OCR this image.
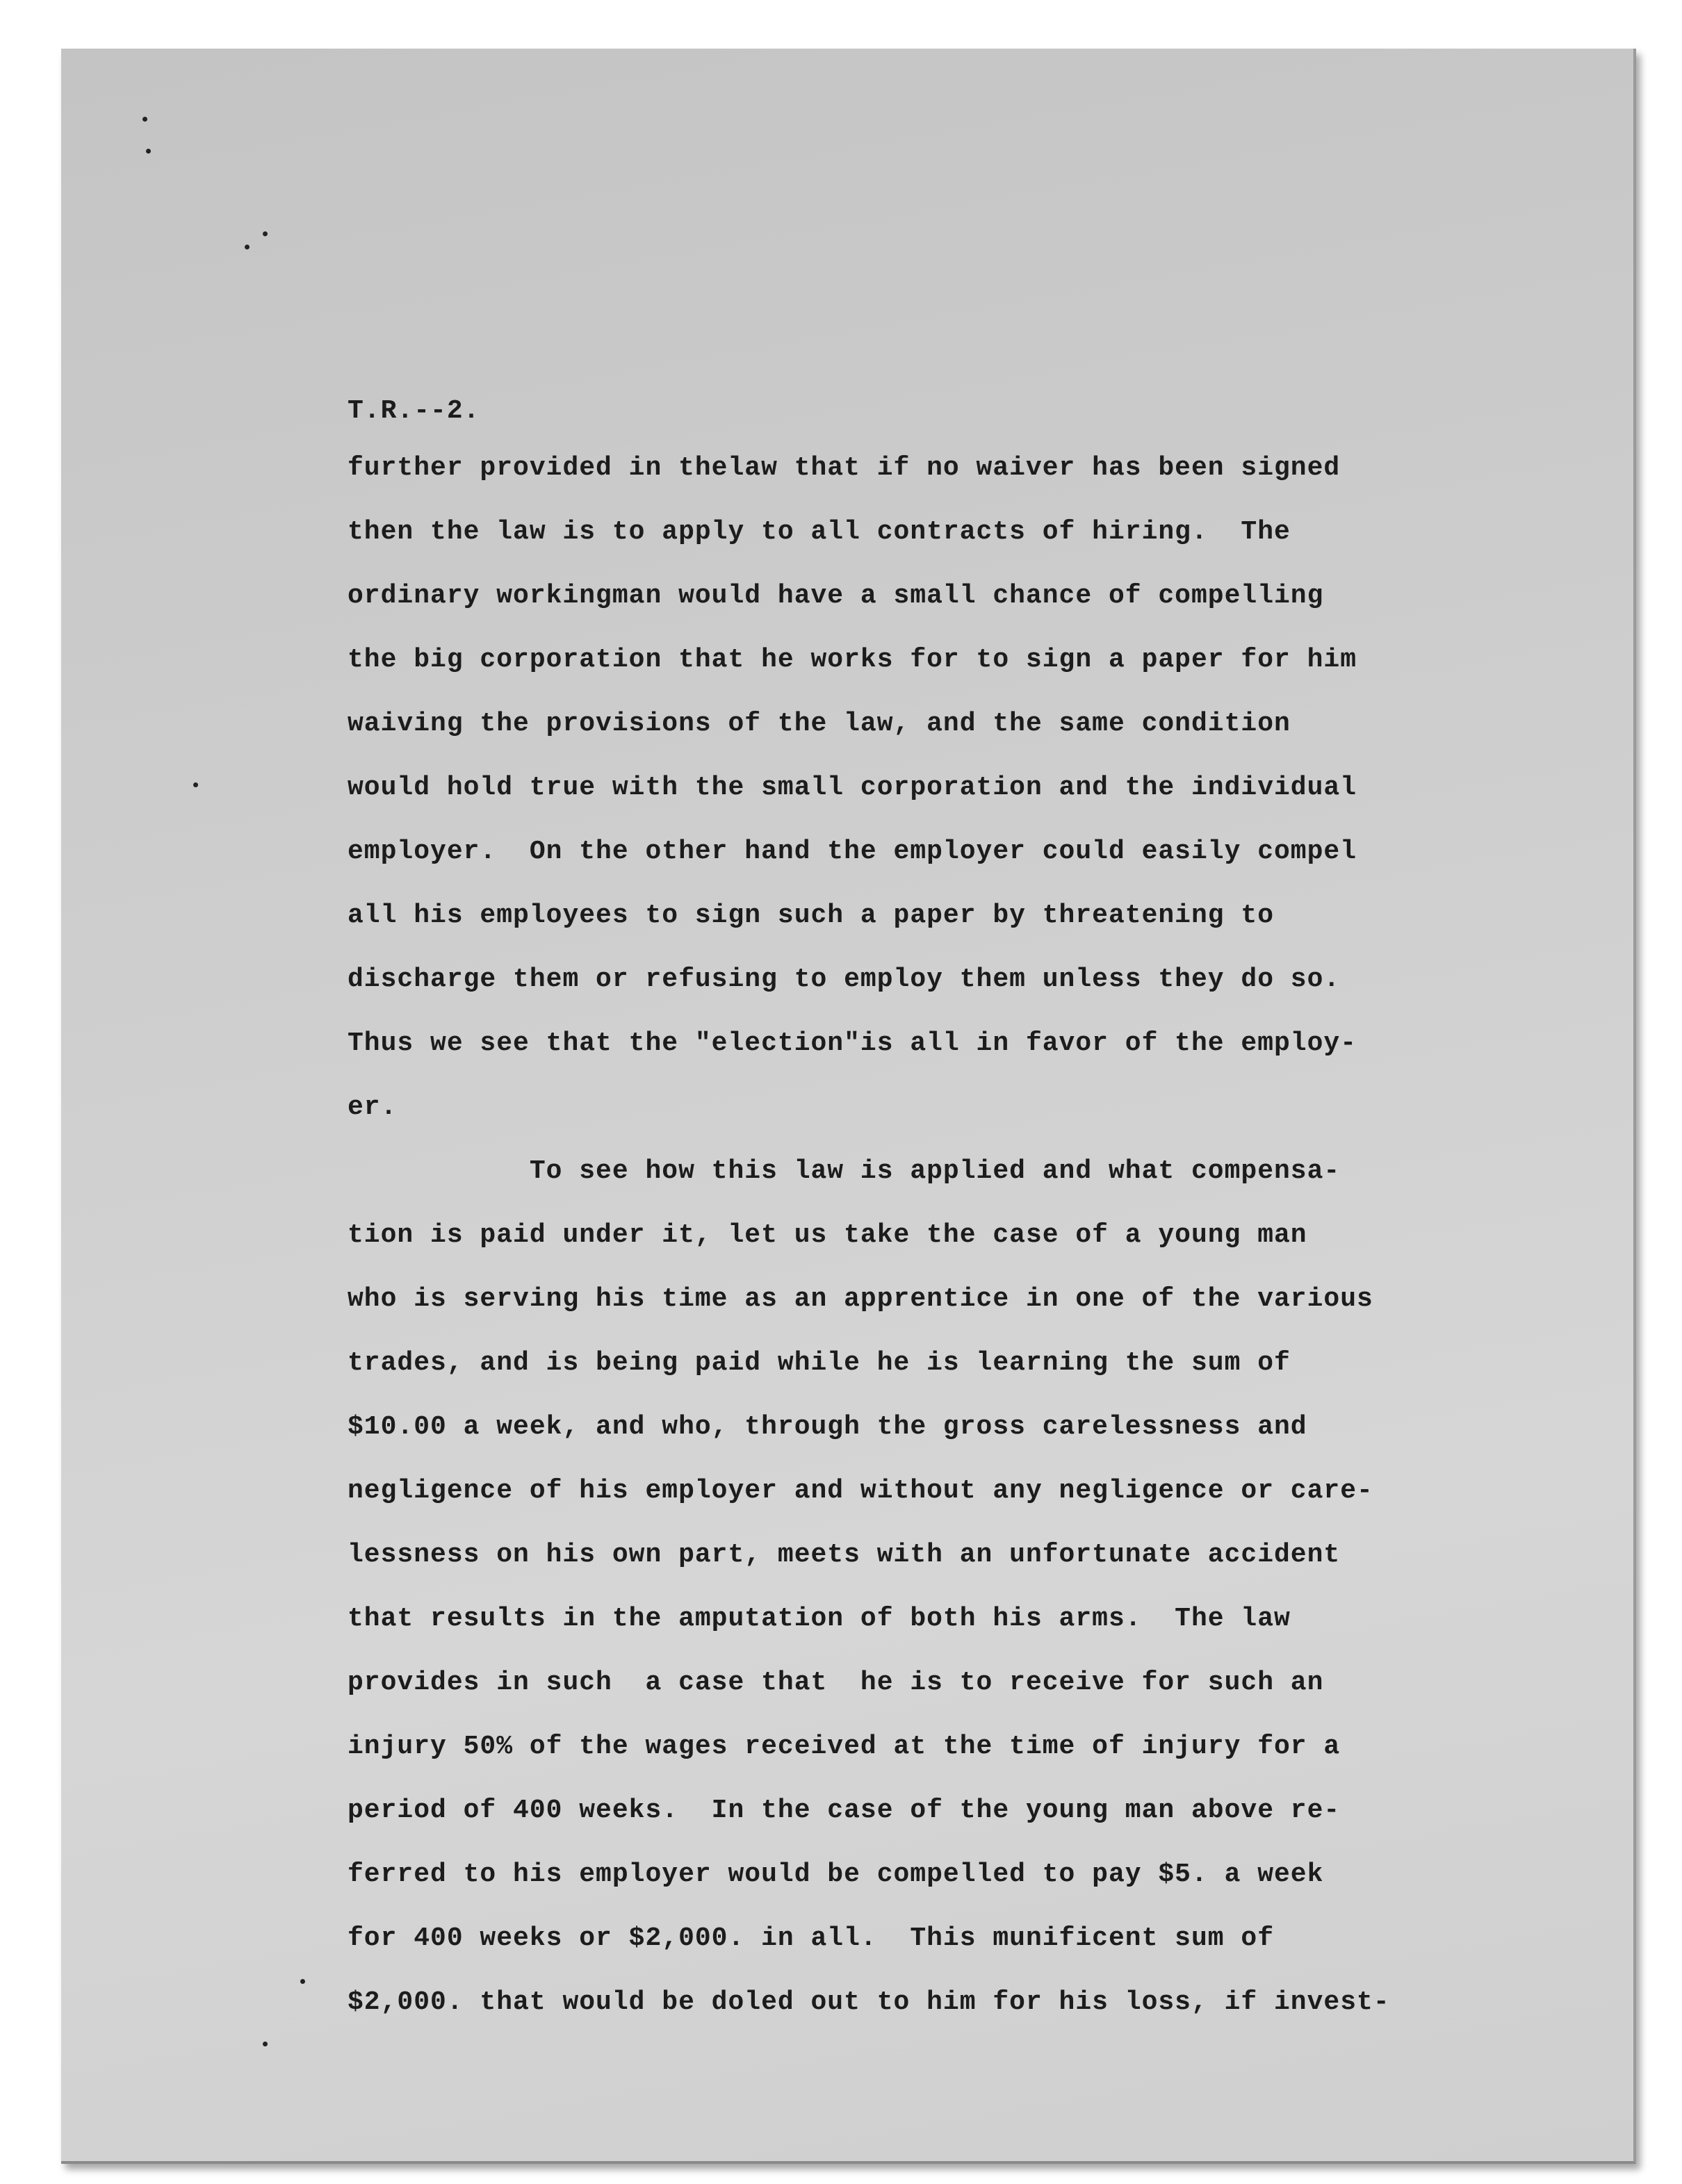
T.R.--2.
further provided in thelaw that if no waiver has been signed
then the law is to apply to all contracts of hiring.  The
ordinary workingman would have a small chance of compelling
the big corporation that he works for to sign a paper for him
waiving the provisions of the law, and the same condition
would hold true with the small corporation and the individual
employer.  On the other hand the employer could easily compel
all his employees to sign such a paper by threatening to
discharge them or refusing to employ them unless they do so.
Thus we see that the "election"is all in favor of the employ-
er.
To see how this law is applied and what compensa-
tion is paid under it, let us take the case of a young man
who is serving his time as an apprentice in one of the various
trades, and is being paid while he is learning the sum of
$10.00 a week, and who, through the gross carelessness and
negligence of his employer and without any negligence or care-
lessness on his own part, meets with an unfortunate accident
that results in the amputation of both his arms.  The law
provides in such  a case that  he is to receive for such an
injury 50% of the wages received at the time of injury for a
period of 400 weeks.  In the case of the young man above re-
ferred to his employer would be compelled to pay $5. a week
for 400 weeks or $2,000. in all.  This munificent sum of
$2,000. that would be doled out to him for his loss, if invest-
